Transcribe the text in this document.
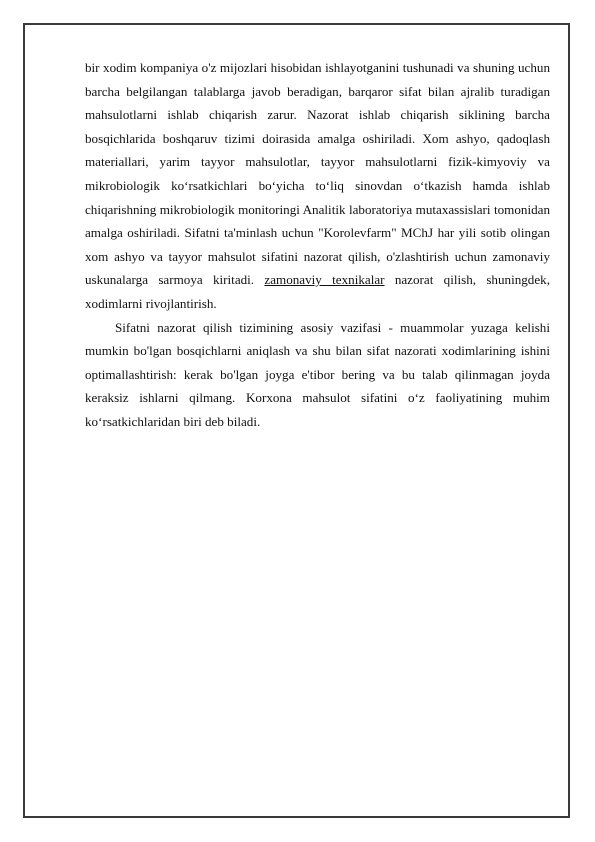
bir xodim kompaniya o'z mijozlari hisobidan ishlayotganini tushunadi va shuning uchun barcha belgilangan talablarga javob beradigan, barqaror sifat bilan ajralib turadigan mahsulotlarni ishlab chiqarish zarur. Nazorat ishlab chiqarish siklining barcha bosqichlarida boshqaruv tizimi doirasida amalga oshiriladi. Xom ashyo, qadoqlash materiallari, yarim tayyor mahsulotlar, tayyor mahsulotlarni fizik-kimyoviy va mikrobiologik ko‘rsatkichlari bo‘yicha to‘liq sinovdan o‘tkazish hamda ishlab chiqarishning mikrobiologik monitoringi Analitik laboratoriya mutaxassislari tomonidan amalga oshiriladi. Sifatni ta'minlash uchun "Korolevfarm" MChJ har yili sotib olingan xom ashyo va tayyor mahsulot sifatini nazorat qilish, o'zlashtirish uchun zamonaviy uskunalarga sarmoya kiritadi. zamonaviy texnikalar nazorat qilish, shuningdek, xodimlarni rivojlantirish.

Sifatni nazorat qilish tizimining asosiy vazifasi - muammolar yuzaga kelishi mumkin bo'lgan bosqichlarni aniqlash va shu bilan sifat nazorati xodimlarining ishini optimallashtirish: kerak bo'lgan joyga e'tibor bering va bu talab qilinmagan joyda keraksiz ishlarni qilmang. Korxona mahsulot sifatini o‘z faoliyatining muhim ko‘rsatkichlaridan biri deb biladi.
